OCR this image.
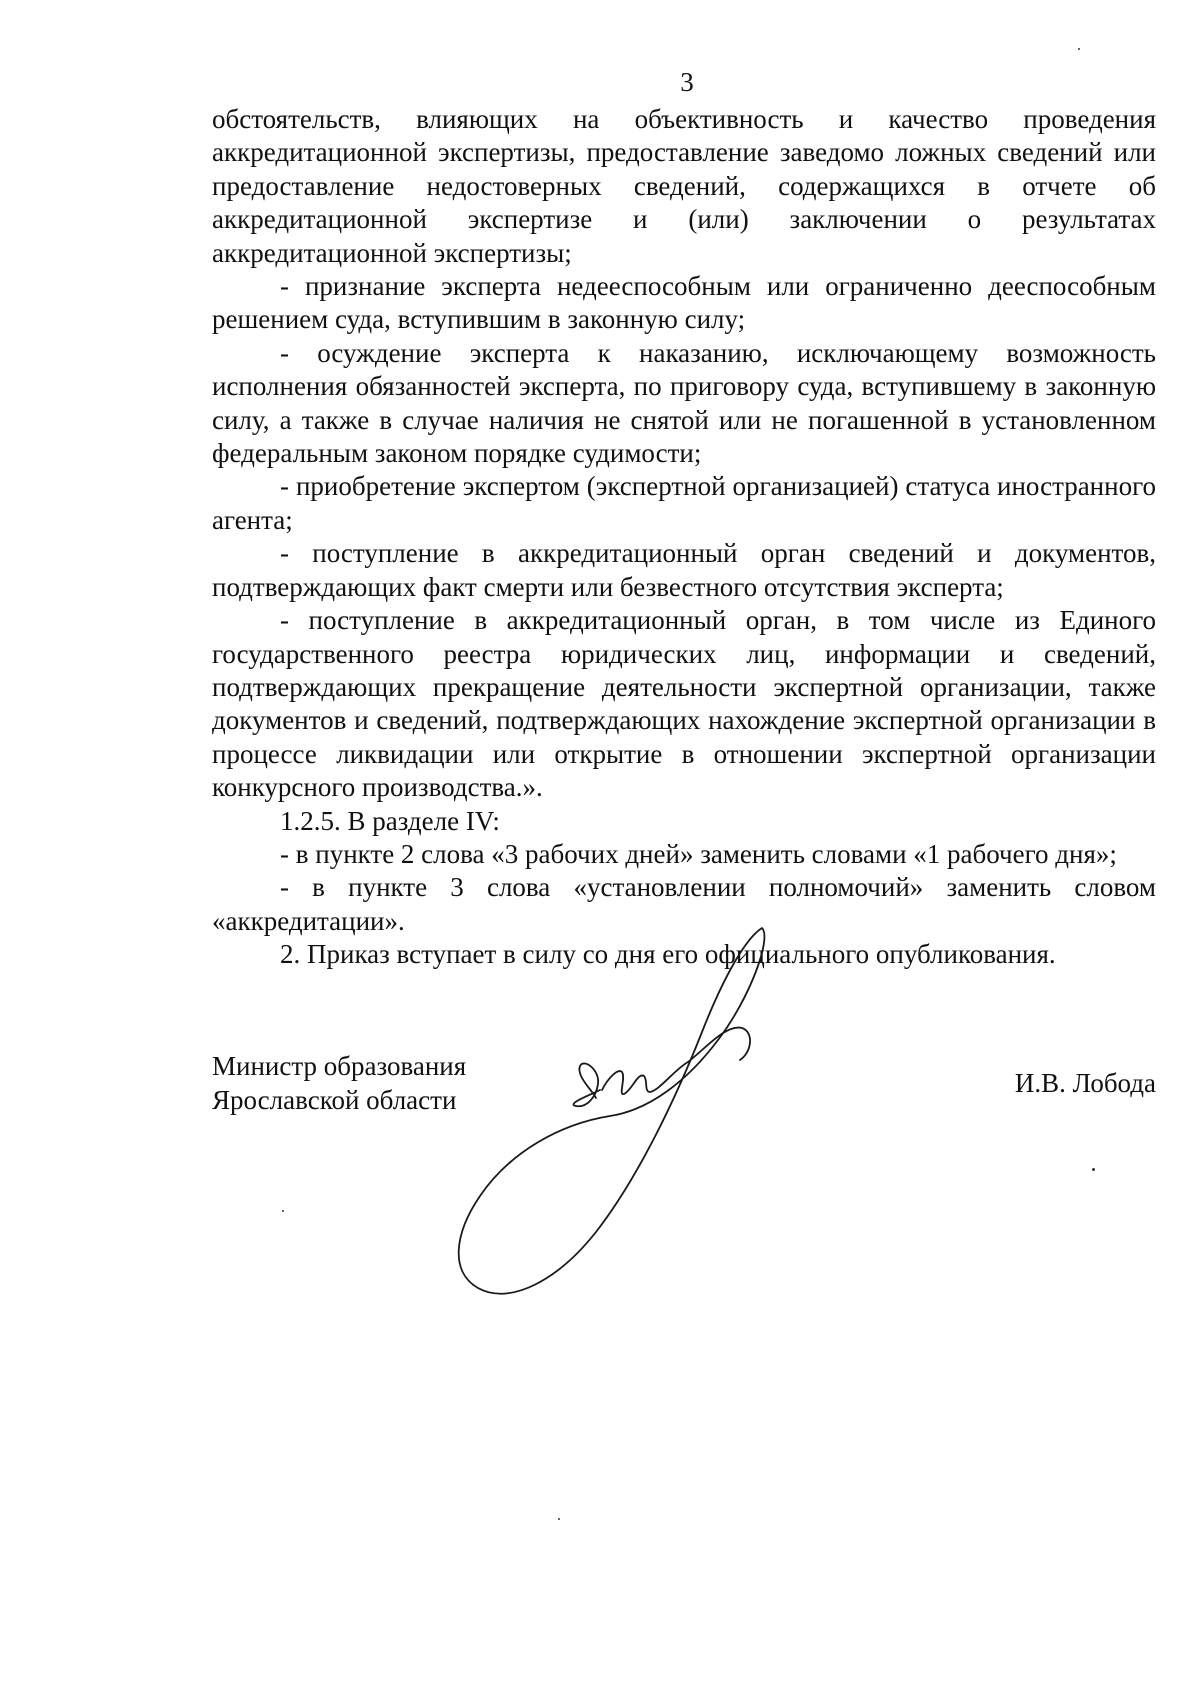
3

обстоятельств, влияющих на объективность и качество проведения аккредитационной экспертизы, предоставление заведомо ложных сведений или предоставление недостоверных сведений, содержащихся в отчете об аккредитационной экспертизе и (или) заключении о результатах аккредитационной экспертизы;

- признание эксперта недееспособным или ограниченно дееспособным решением суда, вступившим в законную силу;

- осуждение эксперта к наказанию, исключающему возможность исполнения обязанностей эксперта, по приговору суда, вступившему в законную силу, а также в случае наличия не снятой или не погашенной в установленном федеральным законом порядке судимости;

- приобретение экспертом (экспертной организацией) статуса иностранного агента;

- поступление в аккредитационный орган сведений и документов, подтверждающих факт смерти или безвестного отсутствия эксперта;

- поступление в аккредитационный орган, в том числе из Единого государственного реестра юридических лиц, информации и сведений, подтверждающих прекращение деятельности экспертной организации, также документов и сведений, подтверждающих нахождение экспертной организации в процессе ликвидации или открытие в отношении экспертной организации конкурсного производства.».

1.2.5. В разделе IV:

- в пункте 2 слова «3 рабочих дней» заменить словами «1 рабочего дня»;

- в пункте 3 слова «установлении полномочий» заменить словом «аккредитации».

2. Приказ вступает в силу со дня его официального опубликования.

Министр образования
Ярославской области
И.В. Лобода
